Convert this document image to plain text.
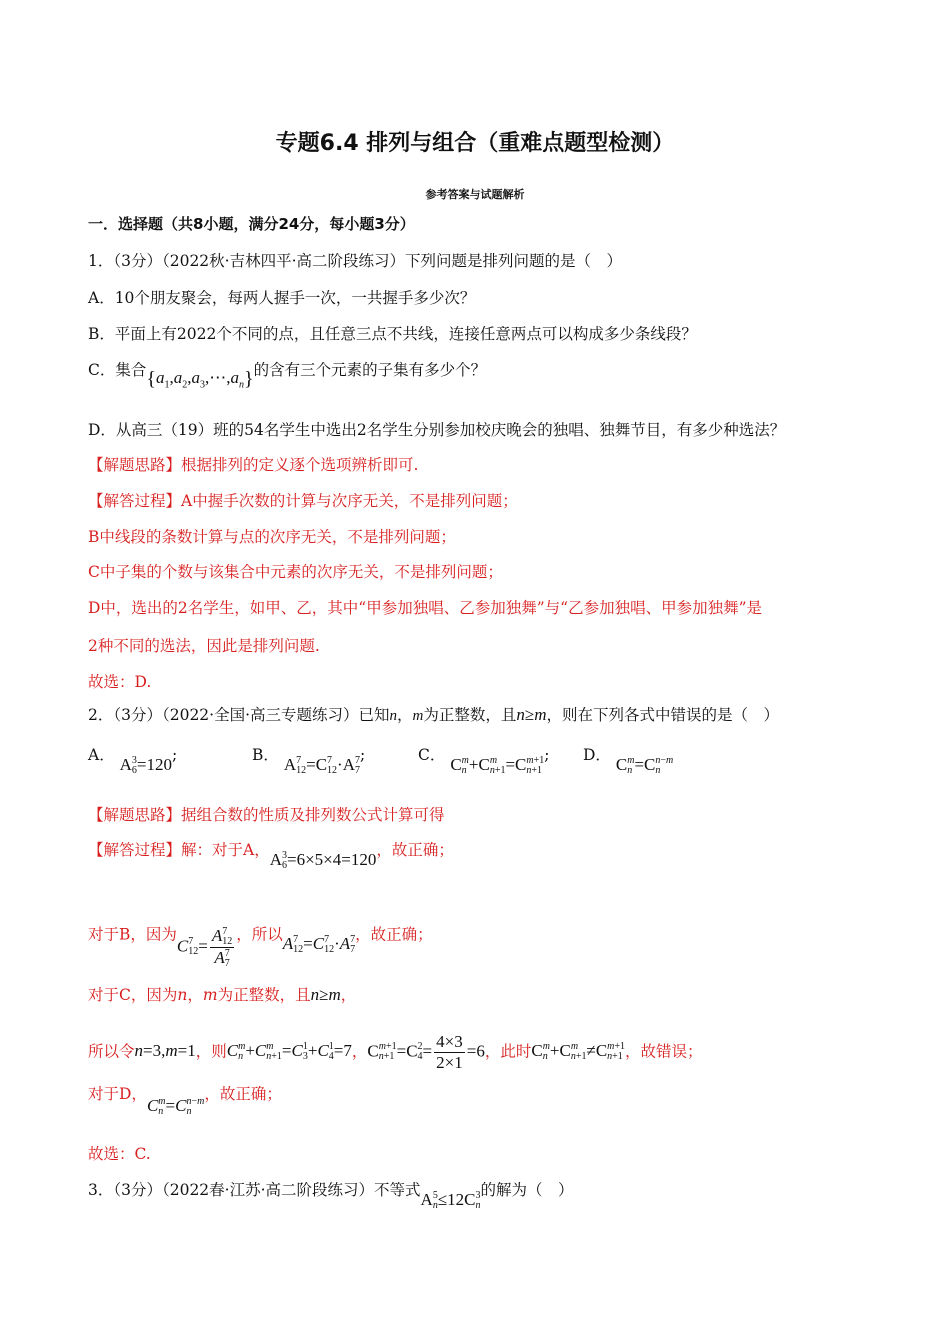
专题6.4 排列与组合（重难点题型检测）
参考答案与试题解析
一．选择题（共8小题，满分24分，每小题3分）
1．（3分）（2022秋·吉林四平·高二阶段练习）下列问题是排列问题的是（　）
A．10个朋友聚会，每两人握手一次，一共握手多少次？
B．平面上有2022个不同的点，且任意三点不共线，连接任意两点可以构成多少条线段？
C．集合$\{a_1,a_2,a_3,\cdots,a_n\}$的含有三个元素的子集有多少个？
D．从高三（19）班的54名学生中选出2名学生分别参加校庆晚会的独唱、独舞节目，有多少种选法？
【解题思路】根据排列的定义逐个选项辨析即可.
【解答过程】A中握手次数的计算与次序无关，不是排列问题；
B中线段的条数计算与点的次序无关，不是排列问题；
C中子集的个数与该集合中元素的次序无关，不是排列问题；
D中，选出的2名学生，如甲、乙，其中“甲参加独唱、乙参加独舞”与“乙参加独唱、甲参加独舞”是
2种不同的选法，因此是排列问题.
故选：D.
2．（3分）（2022·全国·高三专题练习）已知n，m为正整数，且n≥m，则在下列各式中错误的是（　）
A． A 3
6 =120;	B． A 7
12 =C 7
12 ·A 7
7
;	C． C m
n +C m
n+1 =C m+1
n+1
; D． C m
n =C n−m
n
【解题思路】据组合数的性质及排列数公式计算可得
【解答过程】解：对于A，A 3
6 =6×5×4=120，故正确；
对于B，因为C 7
12 = A 7
12
A 7
7 ，所以A 7
12 =C 7
12 ·A 7
7
，故正确；
对于C，因为n，m为正整数，且n≥m，
所以令n=3,m=1，则C m
n +C m
n+1 =C 1
3 +C 1
4 =7，C m+1
n+1 =C 2
$4 = \frac{4\times 3}{2\times 1} =6$，此时C m
n +C m
n+1 ≠C m+1
n+1 ，故错误；
对于D，C m
n =C n−m
n
，故正确；
故选：C.
3．（3分）（2022春·江苏·高二阶段练习）不等式A 5
n ≤12C 3
n
的解为（　）
